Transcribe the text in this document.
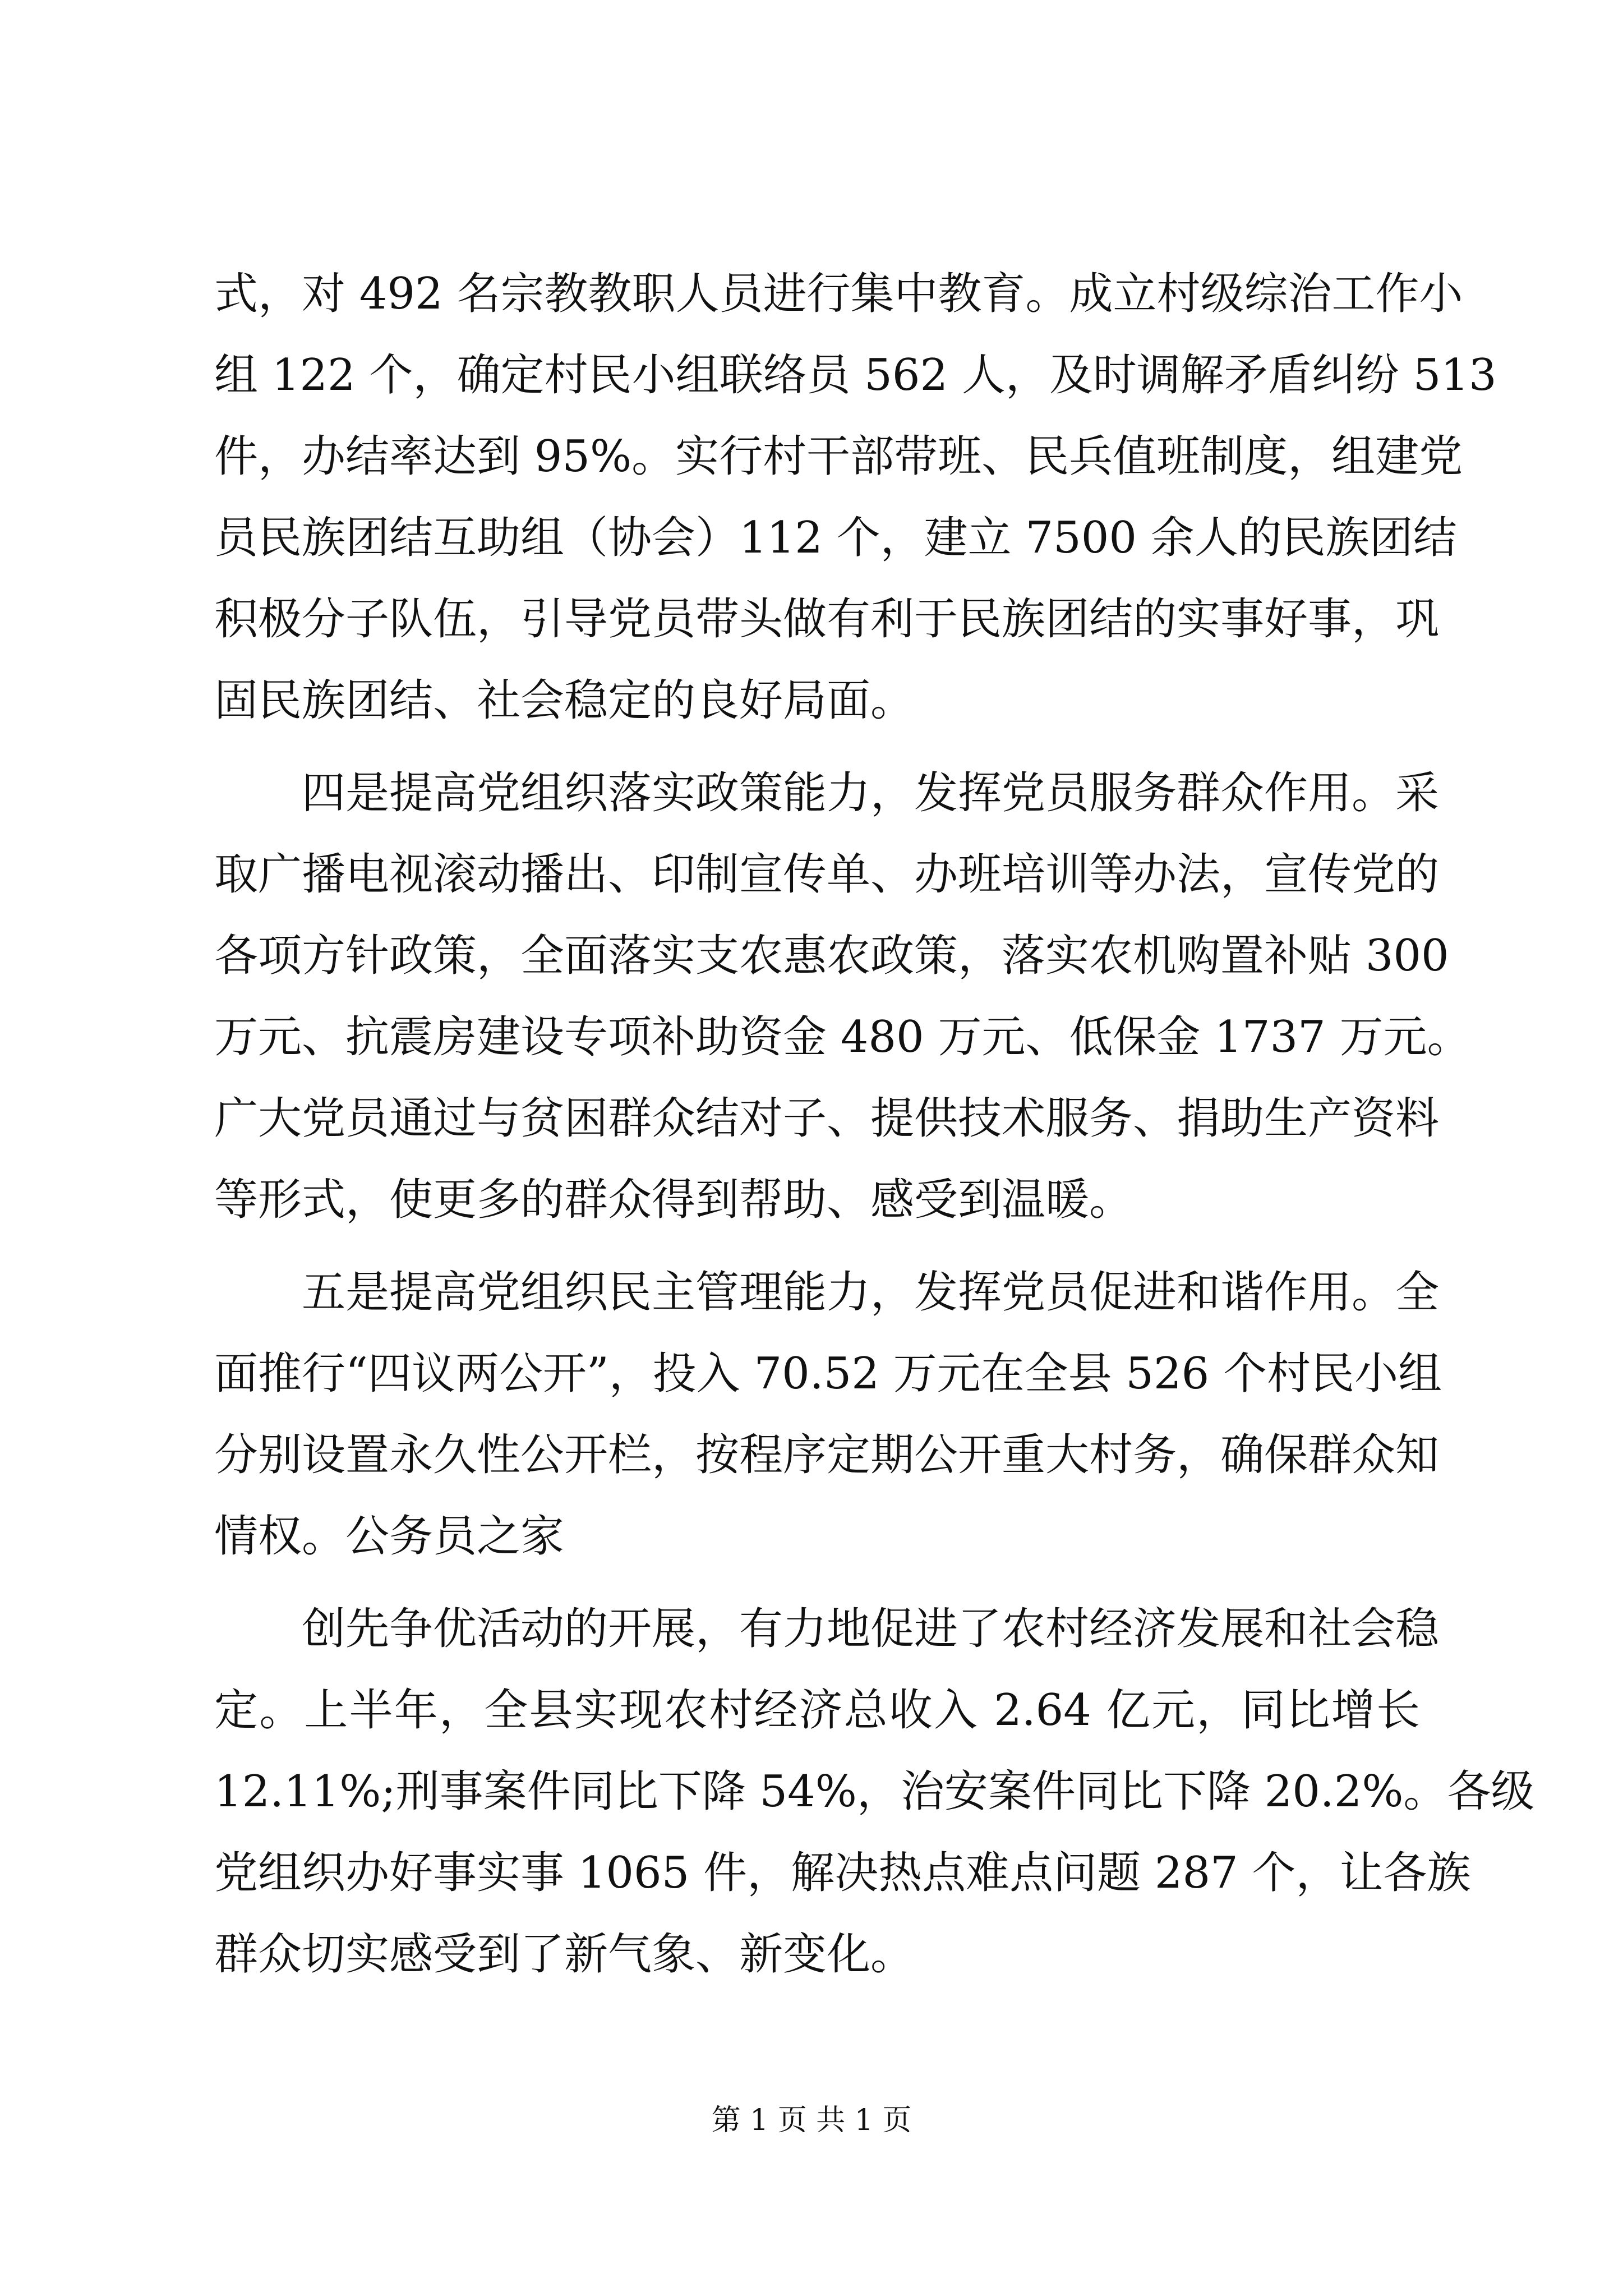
式，对 492 名宗教教职人员进行集中教育。成立村级综治工作小
组 122 个，确定村民小组联络员 562 人，及时调解矛盾纠纷 513
件，办结率达到 95%。实行村干部带班、民兵值班制度，组建党
员民族团结互助组（协会）112 个，建立 7500 余人的民族团结
积极分子队伍，引导党员带头做有利于民族团结的实事好事，巩
固民族团结、社会稳定的良好局面。
四是提高党组织落实政策能力，发挥党员服务群众作用。采
取广播电视滚动播出、印制宣传单、办班培训等办法，宣传党的
各项方针政策，全面落实支农惠农政策，落实农机购置补贴 300
万元、抗震房建设专项补助资金 480 万元、低保金 1737 万元。
广大党员通过与贫困群众结对子、提供技术服务、捐助生产资料
等形式，使更多的群众得到帮助、感受到温暖。
五是提高党组织民主管理能力，发挥党员促进和谐作用。全
面推行“四议两公开”，投入 70.52 万元在全县 526 个村民小组
分别设置永久性公开栏，按程序定期公开重大村务，确保群众知
情权。公务员之家
创先争优活动的开展，有力地促进了农村经济发展和社会稳
定。上半年，全县实现农村经济总收入 2.64 亿元，同比增长
12.11%;刑事案件同比下降 54%，治安案件同比下降 20.2%。各级
党组织办好事实事 1065 件，解决热点难点问题 287 个，让各族
群众切实感受到了新气象、新变化。
第 1 页 共 1 页
